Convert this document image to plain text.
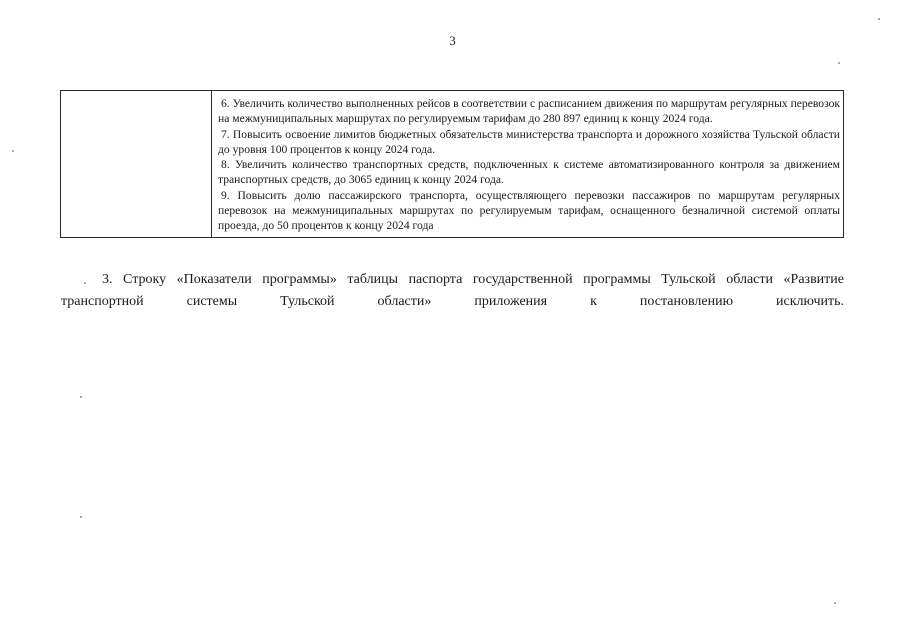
3

6. Увеличить количество выполненных рейсов в соответствии с расписанием движения по маршрутам регулярных перевозок на межмуниципальных маршрутах по регулируемым тарифам до 280 897 единиц к концу 2024 года.

7. Повысить освоение лимитов бюджетных обязательств министерства транспорта и дорожного хозяйства Тульской области до уровня 100 процентов к концу 2024 года.

8. Увеличить количество транспортных средств, подключенных к системе автоматизированного контроля за движением транспортных средств, до 3065 единиц к концу 2024 года.

9. Повысить долю пассажирского транспорта, осуществляющего перевозки пассажиров по маршрутам регулярных перевозок на межмуниципальных маршрутах по регулируемым тарифам, оснащенного безналичной системой оплаты проезда, до 50 процентов к концу 2024 года

3. Строку «Показатели программы» таблицы паспорта государственной программы Тульской области «Развитие транспортной системы Тульской области» приложения к постановлению исключить.
